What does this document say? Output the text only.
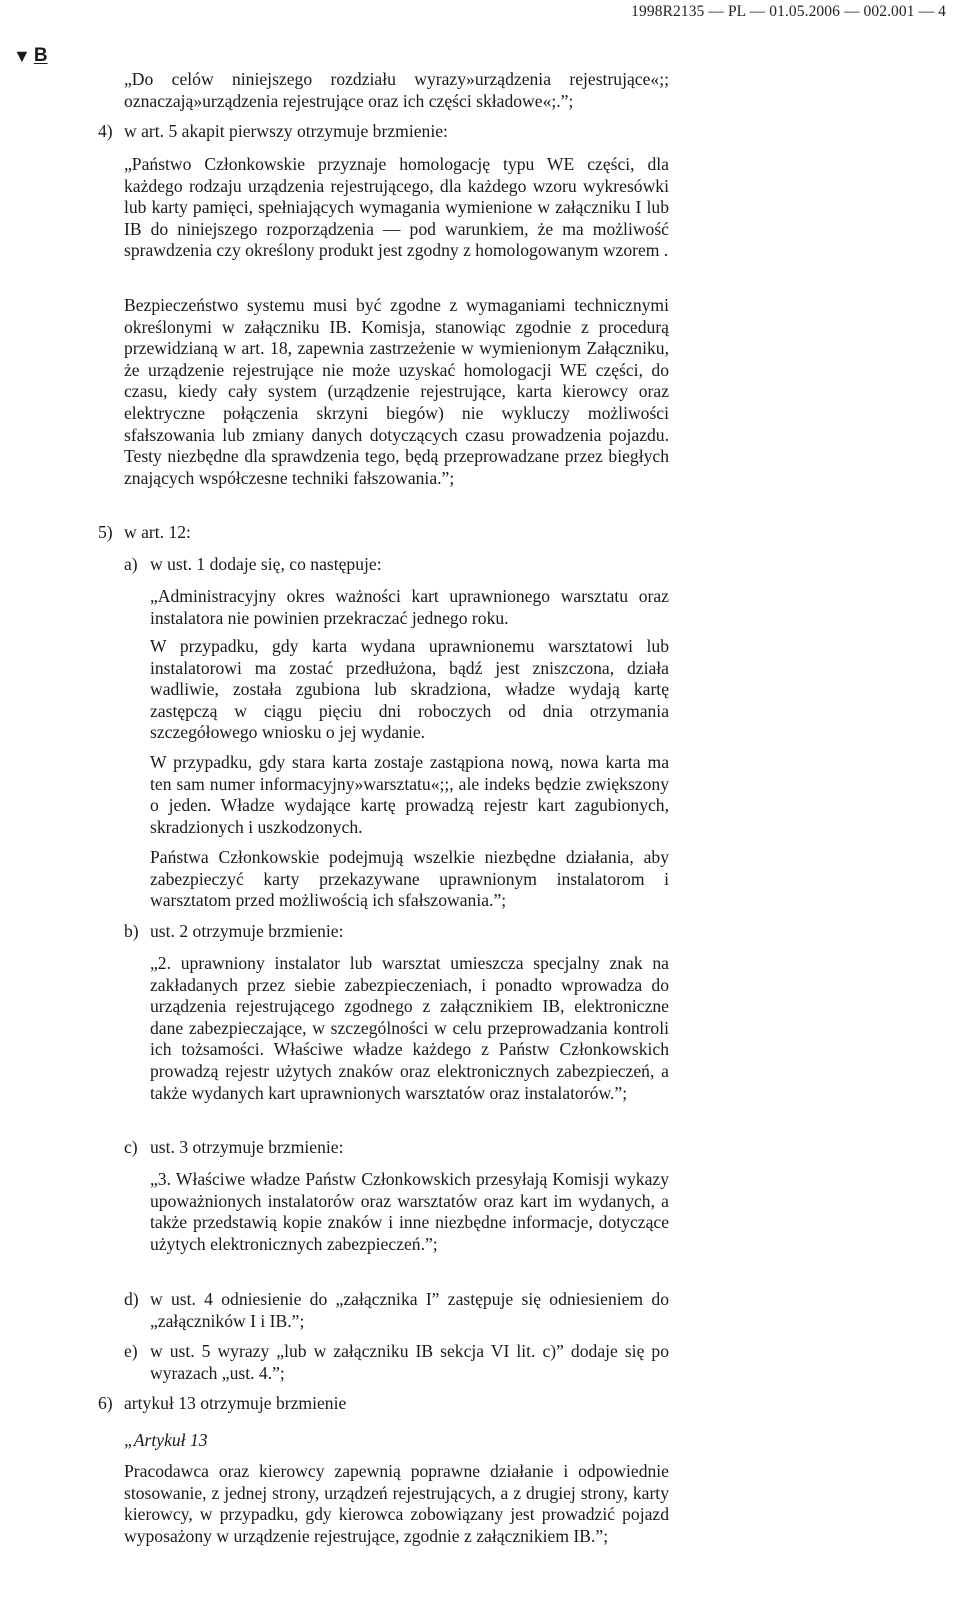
1998R2135 — PL — 01.05.2006 — 002.001 — 4
▼ B
„Do celów niniejszego rozdziału wyrazy»urządzenia rejestrujące«;; oznaczają»urządzenia rejestrujące oraz ich części składowe«;.”;
4) w art. 5 akapit pierwszy otrzymuje brzmienie:
„Państwo Członkowskie przyznaje homologację typu WE części, dla każdego rodzaju urządzenia rejestrującego, dla każdego wzoru wykresówki lub karty pamięci, spełniających wymagania wymienione w załączniku I lub IB do niniejszego rozporządzenia — pod warunkiem, że ma możliwość sprawdzenia czy określony produkt jest zgodny z homologowanym wzorem .
Bezpieczeństwo systemu musi być zgodne z wymaganiami technicznymi określonymi w załączniku IB. Komisja, stanowiąc zgodnie z procedurą przewidzianą w art. 18, zapewnia zastrzeżenie w wymienionym Załączniku, że urządzenie rejestrujące nie może uzyskać homologacji WE części, do czasu, kiedy cały system (urządzenie rejestrujące, karta kierowcy oraz elektryczne połączenia skrzyni biegów) nie wykluczy możliwości sfałszowania lub zmiany danych dotyczących czasu prowadzenia pojazdu. Testy niezbędne dla sprawdzenia tego, będą przeprowadzane przez biegłych znających współczesne techniki fałszowania.”;
5) w art. 12:
a) w ust. 1 dodaje się, co następuje:
„Administracyjny okres ważności kart uprawnionego warsztatu oraz instalatora nie powinien przekraczać jednego roku.
W przypadku, gdy karta wydana uprawnionemu warsztatowi lub instalatorowi ma zostać przedłużona, bądź jest zniszczona, działa wadliwie, została zgubiona lub skradziona, władze wydają kartę zastępczą w ciągu pięciu dni roboczych od dnia otrzymania szczegółowego wniosku o jej wydanie.
W przypadku, gdy stara karta zostaje zastąpiona nową, nowa karta ma ten sam numer informacyjny»warsztatu«;;, ale indeks będzie zwiększony o jeden. Władze wydające kartę prowadzą rejestr kart zagubionych, skradzionych i uszkodzonych.
Państwa Członkowskie podejmują wszelkie niezbędne działania, aby zabezpieczyć karty przekazywane uprawnionym instalatorom i warsztatom przed możliwością ich sfałszowania.”;
b) ust. 2 otrzymuje brzmienie:
„2. uprawniony instalator lub warsztat umieszcza specjalny znak na zakładanych przez siebie zabezpieczeniach, i ponadto wprowadza do urządzenia rejestrującego zgodnego z załącznikiem IB, elektroniczne dane zabezpieczające, w szczególności w celu przeprowadzania kontroli ich tożsamości. Właściwe władze każdego z Państw Członkowskich prowadzą rejestr użytych znaków oraz elektronicznych zabezpieczeń, a także wydanych kart uprawnionych warsztatów oraz instalatorów.”;
c) ust. 3 otrzymuje brzmienie:
„3. Właściwe władze Państw Członkowskich przesyłają Komisji wykazy upoważnionych instalatorów oraz warsztatów oraz kart im wydanych, a także przedstawią kopie znaków i inne niezbędne informacje, dotyczące użytych elektronicznych zabezpieczeń.”;
d) w ust. 4 odniesienie do „załącznika I” zastępuje się odniesieniem do „załączników I i IB.”;
e) w ust. 5 wyrazy „lub w załączniku IB sekcja VI lit. c)” dodaje się po wyrazach „ust. 4.”;
6) artykuł 13 otrzymuje brzmienie
„Artykuł 13
Pracodawca oraz kierowcy zapewnią poprawne działanie i odpowiednie stosowanie, z jednej strony, urządzeń rejestrujących, a z drugiej strony, karty kierowcy, w przypadku, gdy kierowca zobowiązany jest prowadzić pojazd wyposażony w urządzenie rejestrujące, zgodnie z załącznikiem IB.”;
